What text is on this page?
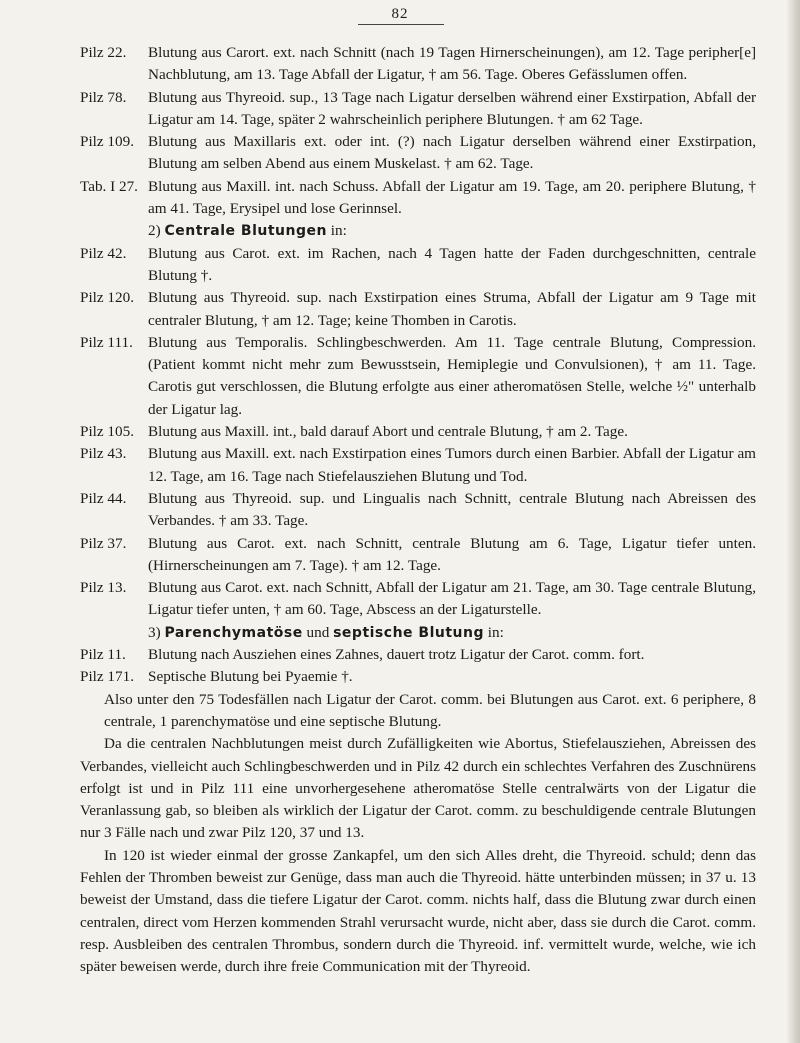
82
Pilz 22. Blutung aus Carort. ext. nach Schnitt (nach 19 Tagen Hirnerscheinungen), am 12. Tage peripher[e] Nachblutung, am 13. Tage Abfall der Ligatur, † am 56. Tage. Oberes Gefässlumen offen.
Pilz 78. Blutung aus Thyreoid. sup., 13 Tage nach Ligatur derselben während einer Exstirpation, Abfall der Ligatur am 14. Tage, später 2 wahrscheinlich periphere Blutungen. † am 62 Tage.
Pilz 109. Blutung aus Maxillaris ext. oder int. (?) nach Ligatur derselben während einer Exstirpation, Blutung am selben Abend aus einem Muskelast. † am 62. Tage.
Tab. I 27. Blutung aus Maxill. int. nach Schuss. Abfall der Ligatur am 19. Tage, am 20. periphere Blutung, † am 41. Tage, Erysipel und lose Gerinnsel.
2) Centrale Blutungen in:
Pilz 42. Blutung aus Carot. ext. im Rachen, nach 4 Tagen hatte der Faden durchgeschnitten, centrale Blutung †.
Pilz 120. Blutung aus Thyreoid. sup. nach Exstirpation eines Struma, Abfall der Ligatur am 9 Tage mit centraler Blutung, † am 12. Tage; keine Thomben in Carotis.
Pilz 111. Blutung aus Temporalis. Schlingbeschwerden. Am 11. Tage centrale Blutung, Compression. (Patient kommt nicht mehr zum Bewusstsein, Hemiplegie und Convulsionen), † am 11. Tage. Carotis gut verschlossen, die Blutung erfolgte aus einer atheromatösen Stelle, welche ½" unterhalb der Ligatur lag.
Pilz 105. Blutung aus Maxill. int., bald darauf Abort und centrale Blutung, † am 2. Tage.
Pilz 43. Blutung aus Maxill. ext. nach Exstirpation eines Tumors durch einen Barbier. Abfall der Ligatur am 12. Tage, am 16. Tage nach Stiefelausziehen Blutung und Tod.
Pilz 44. Blutung aus Thyreoid. sup. und Lingualis nach Schnitt, centrale Blutung nach Abreissen des Verbandes. † am 33. Tage.
Pilz 37. Blutung aus Carot. ext. nach Schnitt, centrale Blutung am 6. Tage, Ligatur tiefer unten. (Hirnerscheinungen am 7. Tage). † am 12. Tage.
Pilz 13. Blutung aus Carot. ext. nach Schnitt, Abfall der Ligatur am 21. Tage, am 30. Tage centrale Blutung, Ligatur tiefer unten, † am 60. Tage, Abscess an der Ligaturstelle.
3) Parenchymatöse und septische Blutung in:
Pilz 11. Blutung nach Ausziehen eines Zahnes, dauert trotz Ligatur der Carot. comm. fort.
Pilz 171. Septische Blutung bei Pyaemie †.
Also unter den 75 Todesfällen nach Ligatur der Carot. comm. bei Blutungen aus Carot. ext. 6 periphere, 8 centrale, 1 parenchymatöse und eine septische Blutung.
Da die centralen Nachblutungen meist durch Zufälligkeiten wie Abortus, Stiefelausziehen, Abreissen des Verbandes, vielleicht auch Schlingbeschwerden und in Pilz 42 durch ein schlechtes Verfahren des Zuschnürens erfolgt ist und in Pilz 111 eine unvorhergesehene atheromatöse Stelle centralwärts von der Ligatur die Veranlassung gab, so bleiben als wirklich der Ligatur der Carot. comm. zu beschuldigende centrale Blutungen nur 3 Fälle nach und zwar Pilz 120, 37 und 13.
In 120 ist wieder einmal der grosse Zankapfel, um den sich Alles dreht, die Thyreoid. schuld; denn das Fehlen der Thromben beweist zur Genüge, dass man auch die Thyreoid. hätte unterbinden müssen; in 37 u. 13 beweist der Umstand, dass die tiefere Ligatur der Carot. comm. nichts half, dass die Blutung zwar durch einen centralen, direct vom Herzen kommenden Strahl verursacht wurde, nicht aber, dass sie durch die Carot. comm. resp. Ausbleiben des centralen Thrombus, sondern durch die Thyreoid. inf. vermittelt wurde, welche, wie ich später beweisen werde, durch ihre freie Communication mit der Thyreoid.
